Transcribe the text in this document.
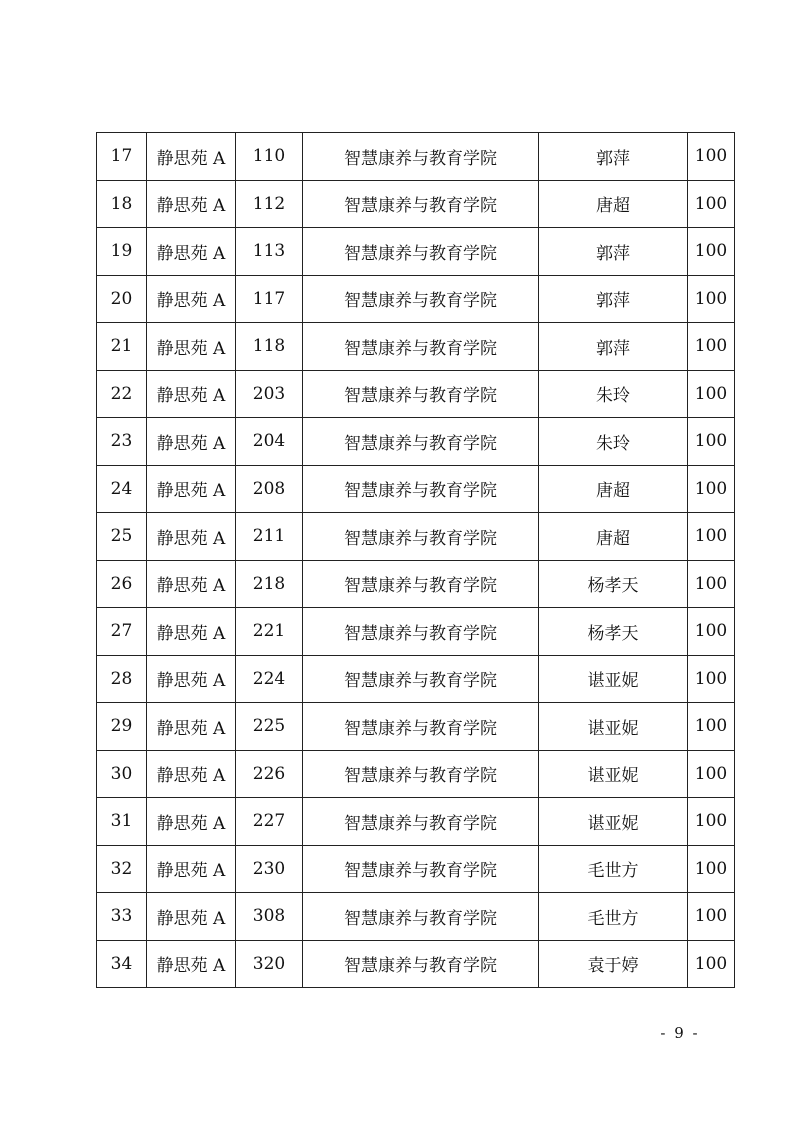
17	静思苑 A	110	智慧康养与教育学院	郭萍	100
18	静思苑 A	112	智慧康养与教育学院	唐超	100
19	静思苑 A	113	智慧康养与教育学院	郭萍	100
20	静思苑 A	117	智慧康养与教育学院	郭萍	100
21	静思苑 A	118	智慧康养与教育学院	郭萍	100
22	静思苑 A	203	智慧康养与教育学院	朱玲	100
23	静思苑 A	204	智慧康养与教育学院	朱玲	100
24	静思苑 A	208	智慧康养与教育学院	唐超	100
25	静思苑 A	211	智慧康养与教育学院	唐超	100
26	静思苑 A	218	智慧康养与教育学院	杨孝天	100
27	静思苑 A	221	智慧康养与教育学院	杨孝天	100
28	静思苑 A	224	智慧康养与教育学院	谌亚妮	100
29	静思苑 A	225	智慧康养与教育学院	谌亚妮	100
30	静思苑 A	226	智慧康养与教育学院	谌亚妮	100
31	静思苑 A	227	智慧康养与教育学院	谌亚妮	100
32	静思苑 A	230	智慧康养与教育学院	毛世方	100
33	静思苑 A	308	智慧康养与教育学院	毛世方	100
34	静思苑 A	320	智慧康养与教育学院	袁于婷	100
- 9 -
